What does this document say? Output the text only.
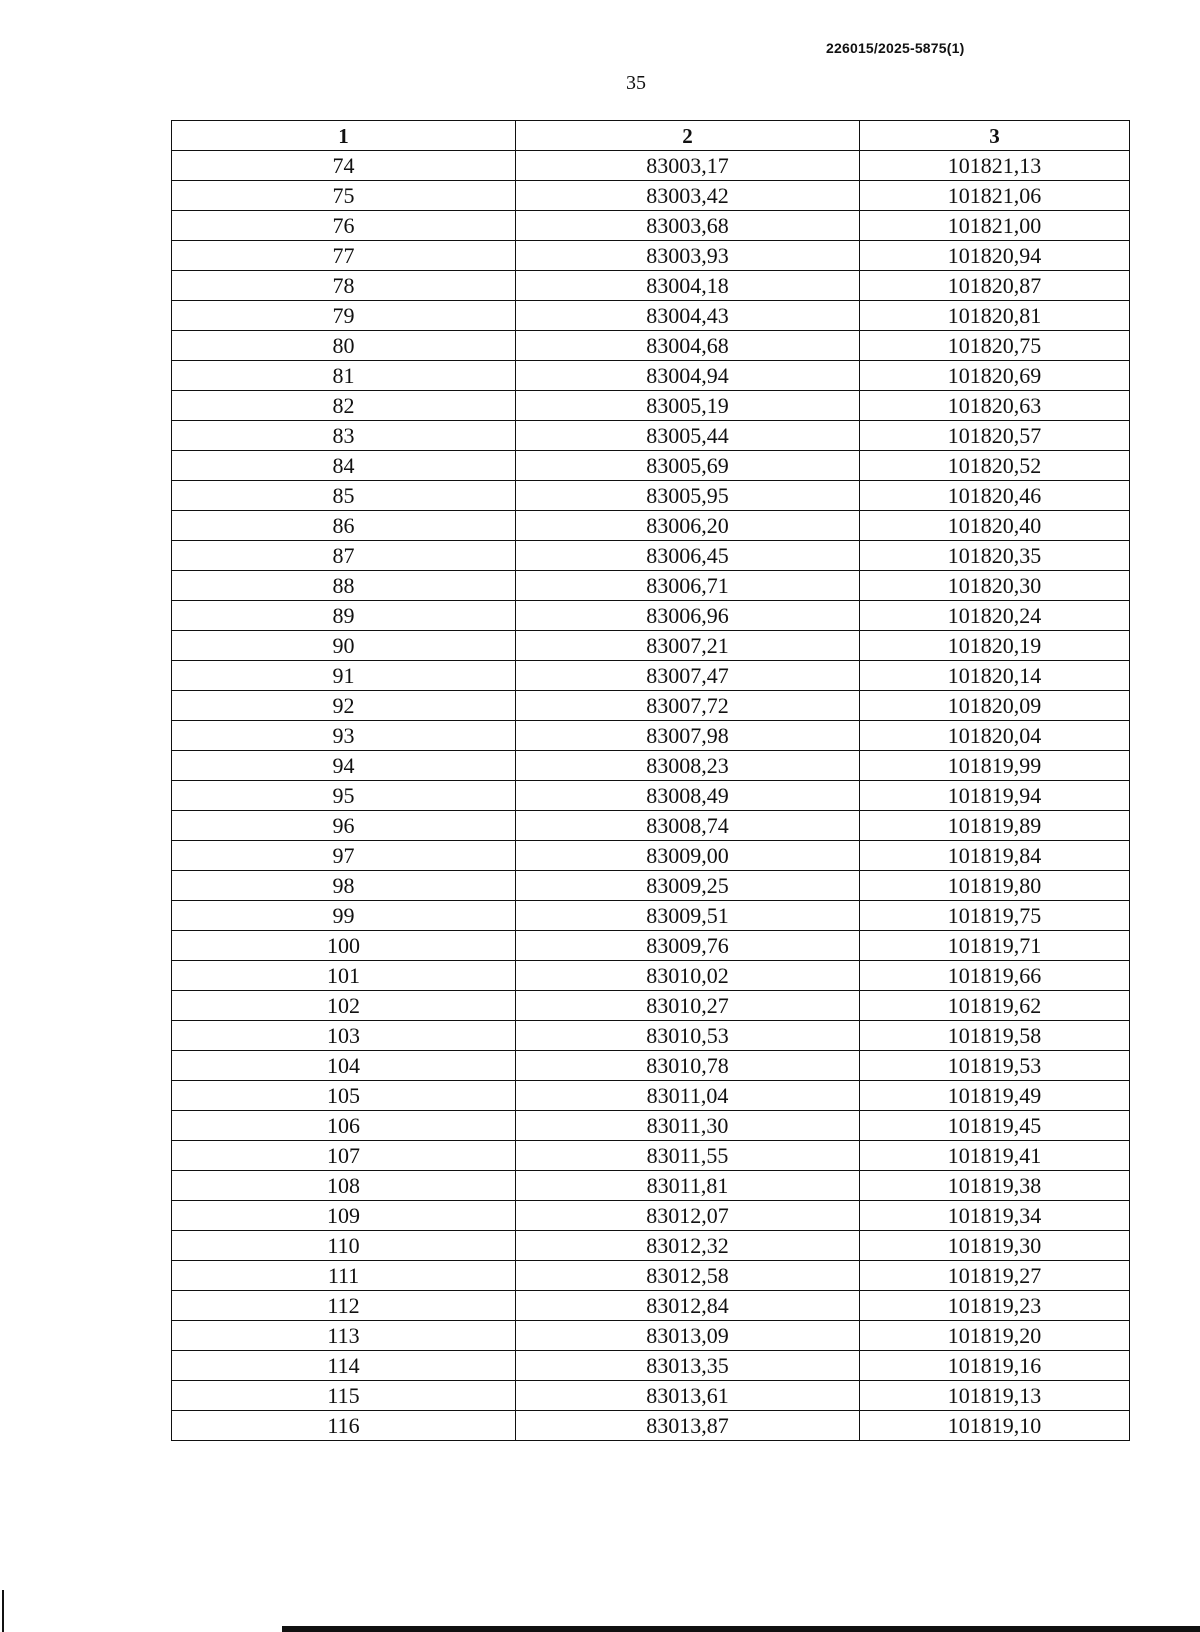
226015/2025-5875(1)
35
1	2	3
74	83003,17	101821,13
75	83003,42	101821,06
76	83003,68	101821,00
77	83003,93	101820,94
78	83004,18	101820,87
79	83004,43	101820,81
80	83004,68	101820,75
81	83004,94	101820,69
82	83005,19	101820,63
83	83005,44	101820,57
84	83005,69	101820,52
85	83005,95	101820,46
86	83006,20	101820,40
87	83006,45	101820,35
88	83006,71	101820,30
89	83006,96	101820,24
90	83007,21	101820,19
91	83007,47	101820,14
92	83007,72	101820,09
93	83007,98	101820,04
94	83008,23	101819,99
95	83008,49	101819,94
96	83008,74	101819,89
97	83009,00	101819,84
98	83009,25	101819,80
99	83009,51	101819,75
100	83009,76	101819,71
101	83010,02	101819,66
102	83010,27	101819,62
103	83010,53	101819,58
104	83010,78	101819,53
105	83011,04	101819,49
106	83011,30	101819,45
107	83011,55	101819,41
108	83011,81	101819,38
109	83012,07	101819,34
110	83012,32	101819,30
111	83012,58	101819,27
112	83012,84	101819,23
113	83013,09	101819,20
114	83013,35	101819,16
115	83013,61	101819,13
116	83013,87	101819,10
